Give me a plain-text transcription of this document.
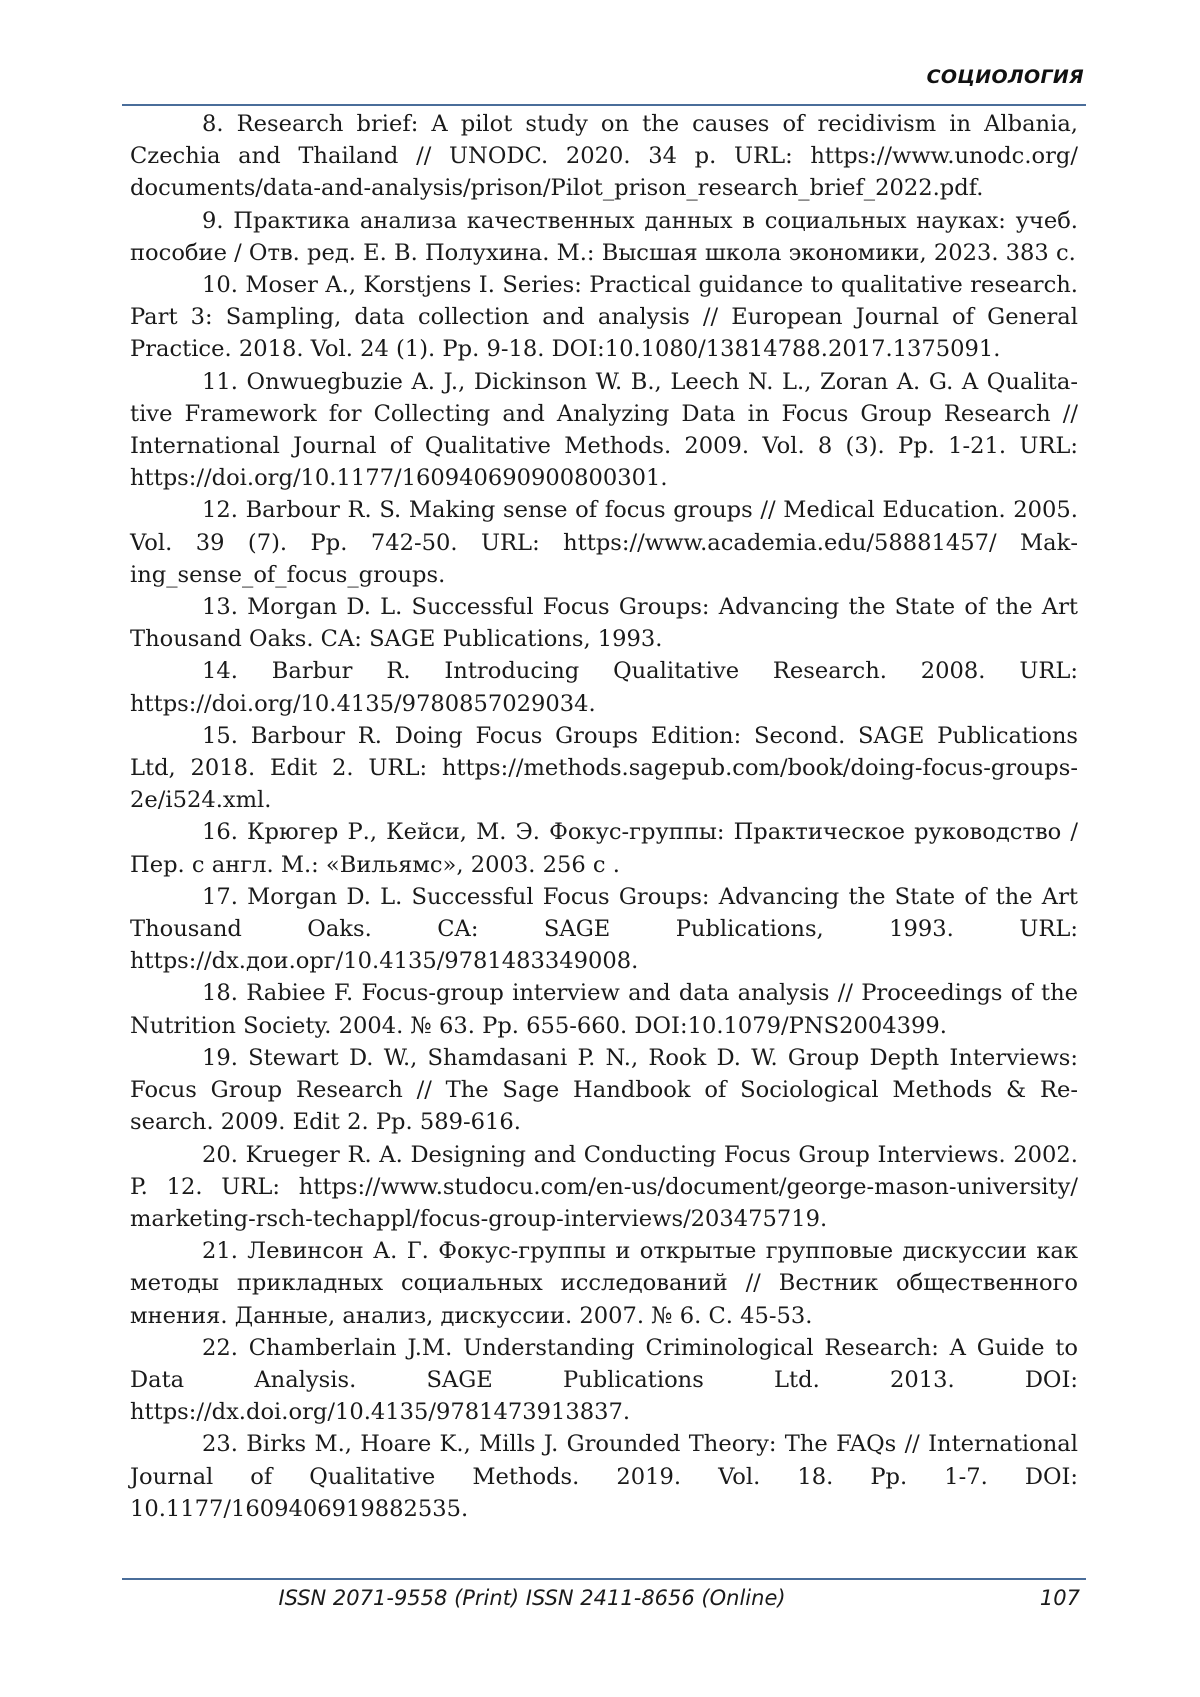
СОЦИОЛОГИЯ
8. Research brief: A pilot study on the causes of recidivism in Albania, Czechia and Thailand // UNODC. 2020. 34 p. URL: https://www.unodc.org/​documents/​data-and-analysis/​prison/​Pilot_prison_research_brief_2022.pdf.
9. Практика анализа качественных данных в социальных науках: учеб. пособие / Отв. ред. Е. В. Полухина. М.: Высшая школа экономики, 2023. 383 с.
10. Moser A., Korstjens I. Series: Practical guidance to qualitative research. Part 3: Sampling, data collection and analysis // European Journal of General Practice. 2018. Vol. 24 (1). Pp. 9-18. DOI:10.1080/13814788.2017.1375091.
11. Onwuegbuzie A. J., Dickinson W. B., Leech N. L., Zoran A. G. A Qualitative Framework for Collecting and Analyzing Data in Focus Group Research // International Journal of Qualitative Methods. 2009. Vol. 8 (3). Pp. 1-21. URL: https://doi.org/10.1177/160940690900800301.
12. Barbour R. S. Making sense of focus groups // Medical Education. 2005. Vol. 39 (7). Pp. 742-50. URL: https://www.academia.edu/58881457/ Making_sense_of_focus_groups.
13. Morgan D. L. Successful Focus Groups: Advancing the State of the Art Thousand Oaks. CA: SAGE Publications, 1993.
14. Barbur R. Introducing Qualitative Research. 2008. URL: https://doi.org/10.4135/9780857029034.
15. Barbour R. Doing Focus Groups Edition: Second. SAGE Publications Ltd, 2018. Edit 2. URL: https://methods.sagepub.com/book/doing-focus-​groups-2e/i524.xml.
16. Крюгер Р., Кейси, М. Э. Фокус-группы: Практическое руководство / Пер. с англ. М.: «Вильямс», 2003. 256 с .
17. Morgan D. L. Successful Focus Groups: Advancing the State of the Art Thousand Oaks. CA: SAGE Publications, 1993. URL: https://dx.дои.орг/10.4135/9781483349008.
18. Rabiee F. Focus-group interview and data analysis // Proceedings of the Nutrition Society. 2004. № 63. Pp. 655-660. DOI:10.1079/PNS2004399.
19. Stewart D. W., Shamdasani P. N., Rook D. W. Group Depth Interviews: Focus Group Research // The Sage Handbook of Sociological Methods & Research. 2009. Edit 2. Pp. 589-616.
20. Krueger R. A. Designing and Conducting Focus Group Interviews. 2002. P. 12. URL: https://www.studocu.com/en-us/document/george-mason-​university/​marketing-rsch-techappl/​focus-group-interviews/203475719.
21. Левинсон А. Г. Фокус-группы и открытые групповые дискуссии как методы прикладных социальных исследований // Вестник общественного мнения. Данные, анализ, дискуссии. 2007. № 6. С. 45-53.
22. Chamberlain J.M. Understanding Criminological Research: A Guide to Data Analysis. SAGE Publications Ltd. 2013. DOI: https://dx.doi.org/10.4135/9781473913837.
23. Birks M., Hoare K., Mills J. Grounded Theory: The FAQs // International Journal of Qualitative Methods. 2019. Vol. 18. Pp. 1-7. DOI: 10.1177/1609406919882535.
ISSN 2071-9558 (Print) ISSN 2411-8656 (Online)	107
